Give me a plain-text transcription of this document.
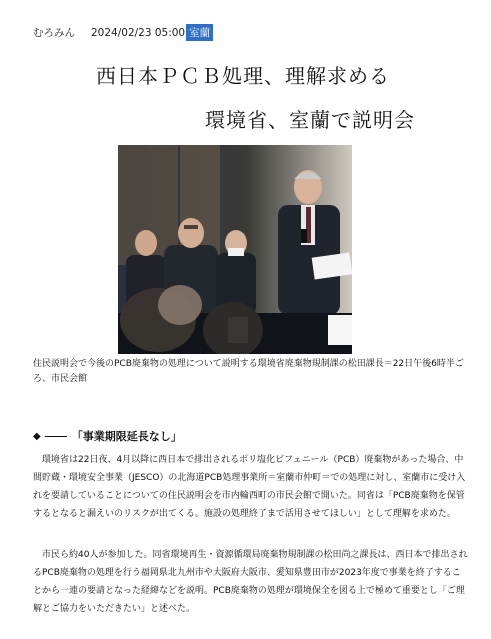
むろみん 2024/02/23 05:00 室蘭
西日本ＰＣＢ処理、理解求める
環境省、室蘭で説明会
住民説明会で今後のPCB廃棄物の処理について説明する環境省廃棄物規制課の松田課長＝22日午後6時半ごろ、市民会館
◆	「事業期限延長なし」
環境省は22日夜、4月以降に西日本で排出されるポリ塩化ビフェニール（PCB）廃棄物があった場合、中間貯蔵・環境安全事業（JESCO）の北海道PCB処理事業所＝室蘭市仲町＝での処理に対し、室蘭市に受け入れを要請していることについての住民説明会を市内輪西町の市民会館で開いた。同省は「PCB廃棄物を保管するとなると漏えいのリスクが出てくる。施設の処理終了まで活用させてほしい」として理解を求めた。
市民ら約40人が参加した。同省環境再生・資源循環局廃棄物規制課の松田尚之課長は、西日本で排出されるPCB廃棄物の処理を行う福岡県北九州市や大阪府大阪市、愛知県豊田市が2023年度で事業を終了することから一連の要請となった経緯などを説明。PCB廃棄物の処理が環境保全を図る上で極めて重要とし「ご理解とご協力をいただきたい」と述べた。
